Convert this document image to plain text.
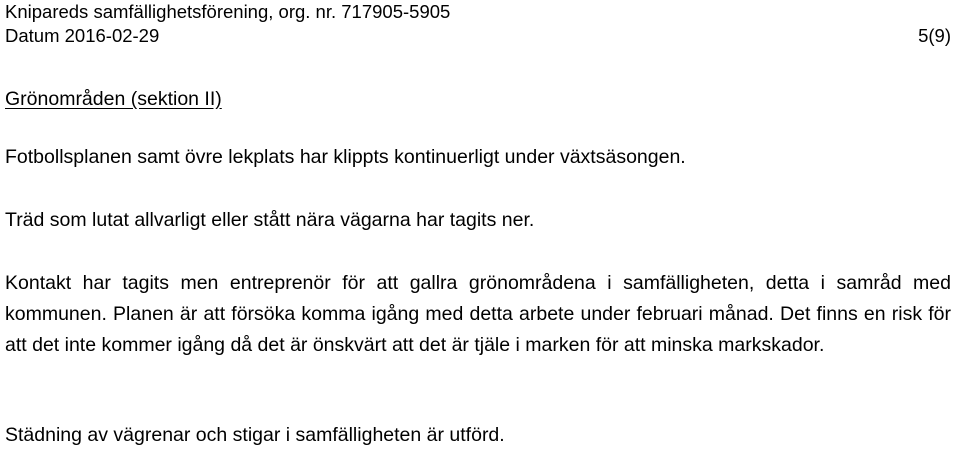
Knipareds samfällighetsförening, org. nr. 717905-5905
Datum 2016-02-29	5(9)
Grönområden (sektion II)

Fotbollsplanen samt övre lekplats har klippts kontinuerligt under växtsäsongen.

Träd som lutat allvarligt eller stått nära vägarna har tagits ner.

Kontakt har tagits men entreprenör för att gallra grönområdena i samfälligheten, detta i samråd med kommunen. Planen är att försöka komma igång med detta arbete under februari månad. Det finns en risk för att det inte kommer igång då det är önskvärt att det är tjäle i marken för att minska markskador.

Städning av vägrenar och stigar i samfälligheten är utförd.
